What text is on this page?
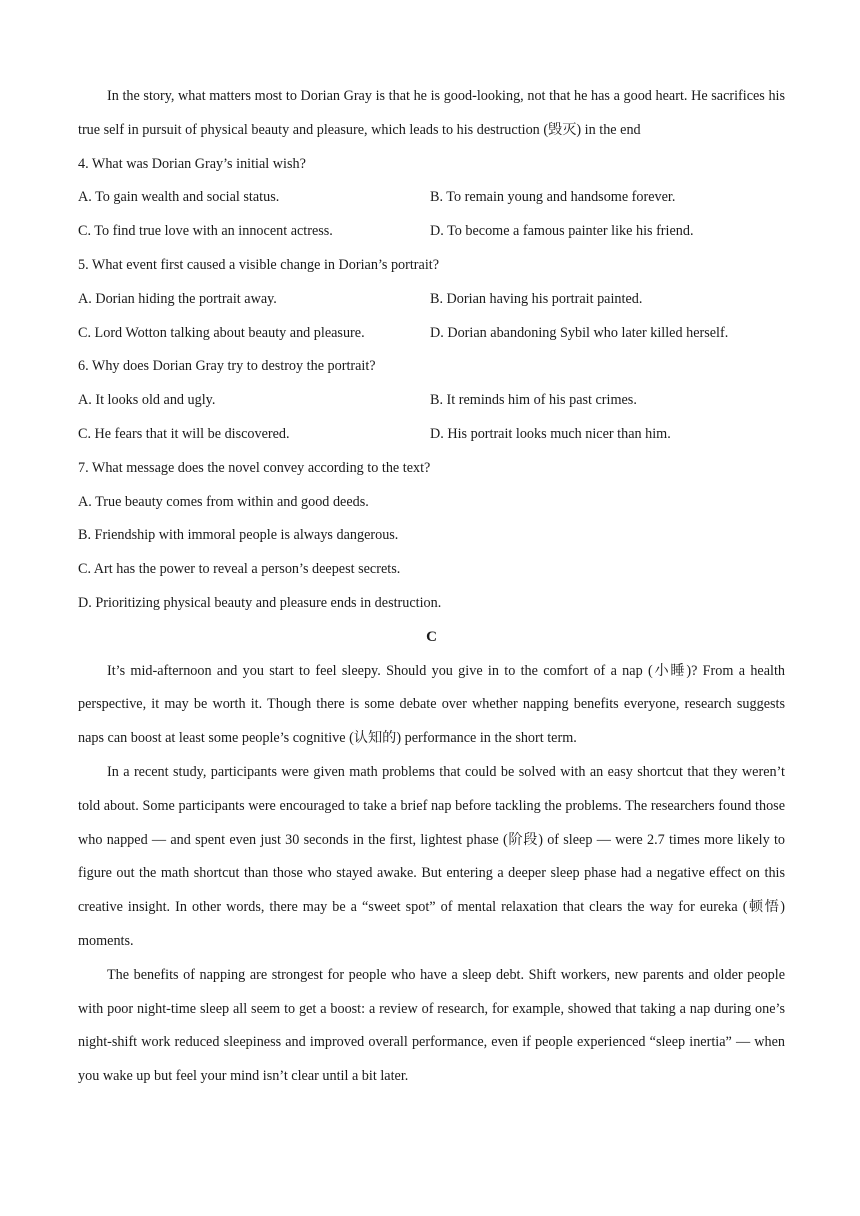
In the story, what matters most to Dorian Gray is that he is good-looking, not that he has a good heart. He sacrifices his true self in pursuit of physical beauty and pleasure, which leads to his destruction (毁灭) in the end

4. What was Dorian Gray’s initial wish?
A. To gain wealth and social status.	B. To remain young and handsome forever.
C. To find true love with an innocent actress.	D. To become a famous painter like his friend.
5. What event first caused a visible change in Dorian’s portrait?
A. Dorian hiding the portrait away.	B. Dorian having his portrait painted.
C. Lord Wotton talking about beauty and pleasure.	D. Dorian abandoning Sybil who later killed herself.
6. Why does Dorian Gray try to destroy the portrait?
A. It looks old and ugly.	B. It reminds him of his past crimes.
C. He fears that it will be discovered.	D. His portrait looks much nicer than him.
7. What message does the novel convey according to the text?
A. True beauty comes from within and good deeds.
B. Friendship with immoral people is always dangerous.
C. Art has the power to reveal a person’s deepest secrets.
D. Prioritizing physical beauty and pleasure ends in destruction.
C

It’s mid-afternoon and you start to feel sleepy. Should you give in to the comfort of a nap (小睡)? From a health perspective, it may be worth it. Though there is some debate over whether napping benefits everyone, research suggests naps can boost at least some people’s cognitive (认知的) performance in the short term.

In a recent study, participants were given math problems that could be solved with an easy shortcut that they weren’t told about. Some participants were encouraged to take a brief nap before tackling the problems. The researchers found those who napped — and spent even just 30 seconds in the first, lightest phase (阶段) of sleep — were 2.7 times more likely to figure out the math shortcut than those who stayed awake. But entering a deeper sleep phase had a negative effect on this creative insight. In other words, there may be a “sweet spot” of mental relaxation that clears the way for eureka (顿悟) moments.

The benefits of napping are strongest for people who have a sleep debt. Shift workers, new parents and older people with poor night-time sleep all seem to get a boost: a review of research, for example, showed that taking a nap during one’s night-shift work reduced sleepiness and improved overall performance, even if people experienced “sleep inertia” — when you wake up but feel your mind isn’t clear until a bit later.
